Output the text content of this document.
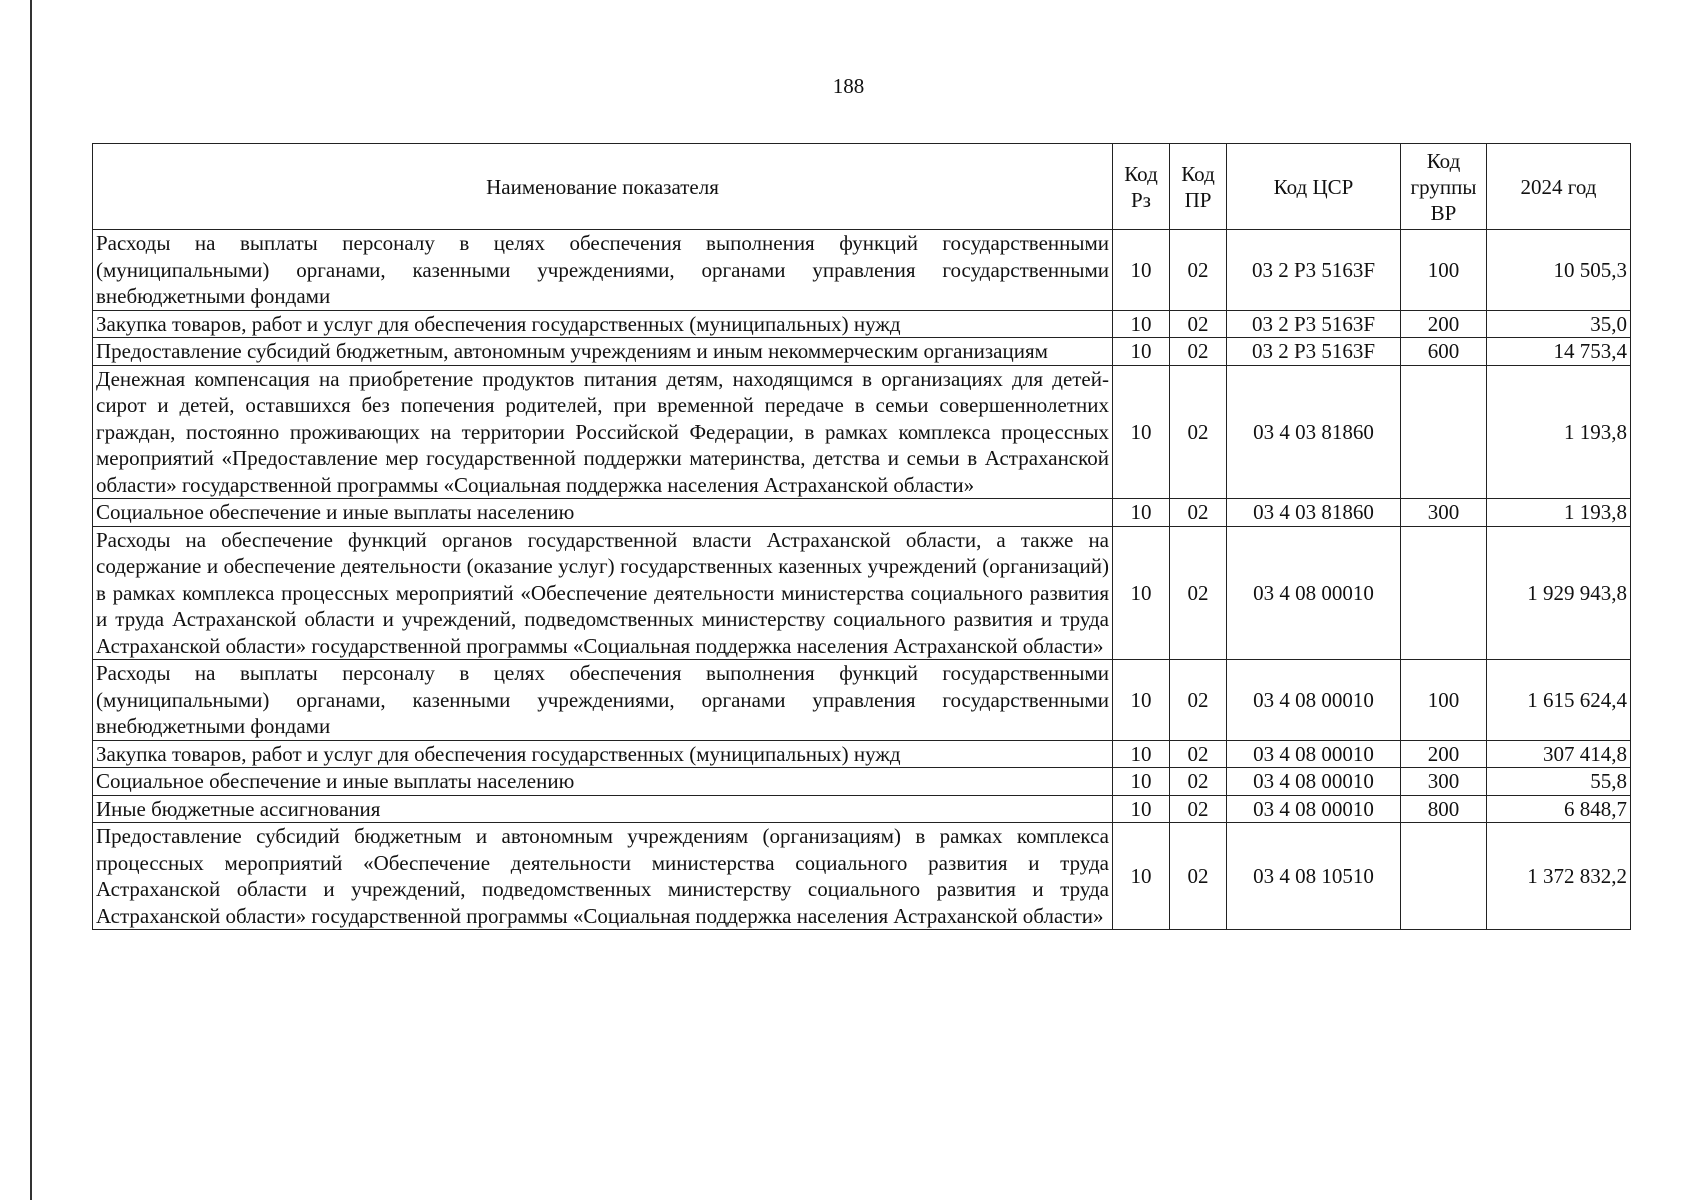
188
Наименование показателя	Код Рз	Код ПР	Код ЦСР	Код группы ВР	2024 год
Расходы на выплаты персоналу в целях обеспечения выполнения функций государственными (муниципальными) органами, казенными учреждениями, органами управления государственными внебюджетными фондами	10	02	03 2 P3 5163F	100	10 505,3
Закупка товаров, работ и услуг для обеспечения государственных (муниципальных) нужд	10	02	03 2 P3 5163F	200	35,0
Предоставление субсидий бюджетным, автономным учреждениям и иным некоммерческим организациям	10	02	03 2 P3 5163F	600	14 753,4
Денежная компенсация на приобретение продуктов питания детям, находящимся в организациях для детей-сирот и детей, оставшихся без попечения родителей, при временной передаче в семьи совершеннолетних граждан, постоянно проживающих на территории Российской Федерации, в рамках комплекса процессных мероприятий «Предоставление мер государственной поддержки материнства, детства и семьи в Астраханской области» государственной программы «Социальная поддержка населения Астраханской области»	10	02	03 4 03 81860		1 193,8
Социальное обеспечение и иные выплаты населению	10	02	03 4 03 81860	300	1 193,8
Расходы на обеспечение функций органов государственной власти Астраханской области, а также на содержание и обеспечение деятельности (оказание услуг) государственных казенных учреждений (организаций) в рамках комплекса процессных мероприятий «Обеспечение деятельности министерства социального развития и труда Астраханской области и учреждений, подведомственных министерству социального развития и труда Астраханской области» государственной программы «Социальная поддержка населения Астраханской области»	10	02	03 4 08 00010		1 929 943,8
Расходы на выплаты персоналу в целях обеспечения выполнения функций государственными (муниципальными) органами, казенными учреждениями, органами управления государственными внебюджетными фондами	10	02	03 4 08 00010	100	1 615 624,4
Закупка товаров, работ и услуг для обеспечения государственных (муниципальных) нужд	10	02	03 4 08 00010	200	307 414,8
Социальное обеспечение и иные выплаты населению	10	02	03 4 08 00010	300	55,8
Иные бюджетные ассигнования	10	02	03 4 08 00010	800	6 848,7
Предоставление субсидий бюджетным и автономным учреждениям (организациям) в рамках комплекса процессных мероприятий «Обеспечение деятельности министерства социального развития и труда Астраханской области и учреждений, подведомственных министерству социального развития и труда Астраханской области» государственной программы «Социальная поддержка населения Астраханской области»	10	02	03 4 08 10510		1 372 832,2
